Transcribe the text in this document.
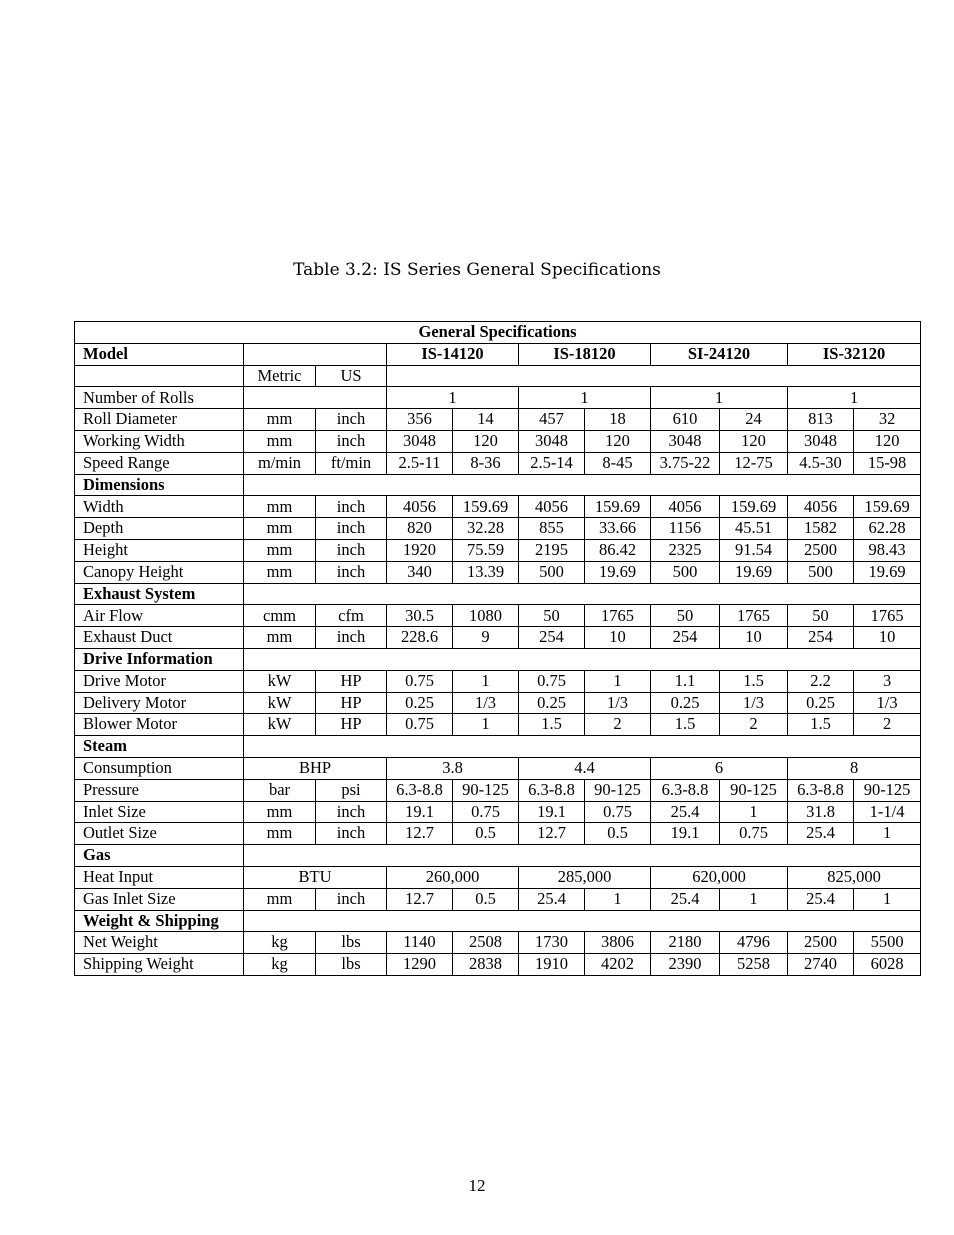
Table 3.2: IS Series General Specifications
General Specifications										
Model			IS-14120		IS-18120		SI-24120		IS-32120	
	Metric	US								
Number of Rolls			1		1		1		1	
Roll Diameter	mm	inch	356	14	457	18	610	24	813	32
Working Width	mm	inch	3048	120	3048	120	3048	120	3048	120
Speed Range	m/min	ft/min	2.5-11	8-36	2.5-14	8-45	3.75-22	12-75	4.5-30	15-98
Dimensions										
Width	mm	inch	4056	159.69	4056	159.69	4056	159.69	4056	159.69
Depth	mm	inch	820	32.28	855	33.66	1156	45.51	1582	62.28
Height	mm	inch	1920	75.59	2195	86.42	2325	91.54	2500	98.43
Canopy Height	mm	inch	340	13.39	500	19.69	500	19.69	500	19.69
Exhaust System										
Air Flow	cmm	cfm	30.5	1080	50	1765	50	1765	50	1765
Exhaust Duct	mm	inch	228.6	9	254	10	254	10	254	10
Drive Information										
Drive Motor	kW	HP	0.75	1	0.75	1	1.1	1.5	2.2	3
Delivery Motor	kW	HP	0.25	1/3	0.25	1/3	0.25	1/3	0.25	1/3
Blower Motor	kW	HP	0.75	1	1.5	2	1.5	2	1.5	2
Steam										
Consumption	BHP		3.8		4.4		6		8	
Pressure	bar	psi	6.3-8.8	90-125	6.3-8.8	90-125	6.3-8.8	90-125	6.3-8.8	90-125
Inlet Size	mm	inch	19.1	0.75	19.1	0.75	25.4	1	31.8	1-1/4
Outlet Size	mm	inch	12.7	0.5	12.7	0.5	19.1	0.75	25.4	1
Gas										
Heat Input	BTU		260,000		285,000		620,000		825,000	
Gas Inlet Size	mm	inch	12.7	0.5	25.4	1	25.4	1	25.4	1
Weight & Shipping										
Net Weight	kg	lbs	1140	2508	1730	3806	2180	4796	2500	5500
Shipping Weight	kg	lbs	1290	2838	1910	4202	2390	5258	2740	6028
12
